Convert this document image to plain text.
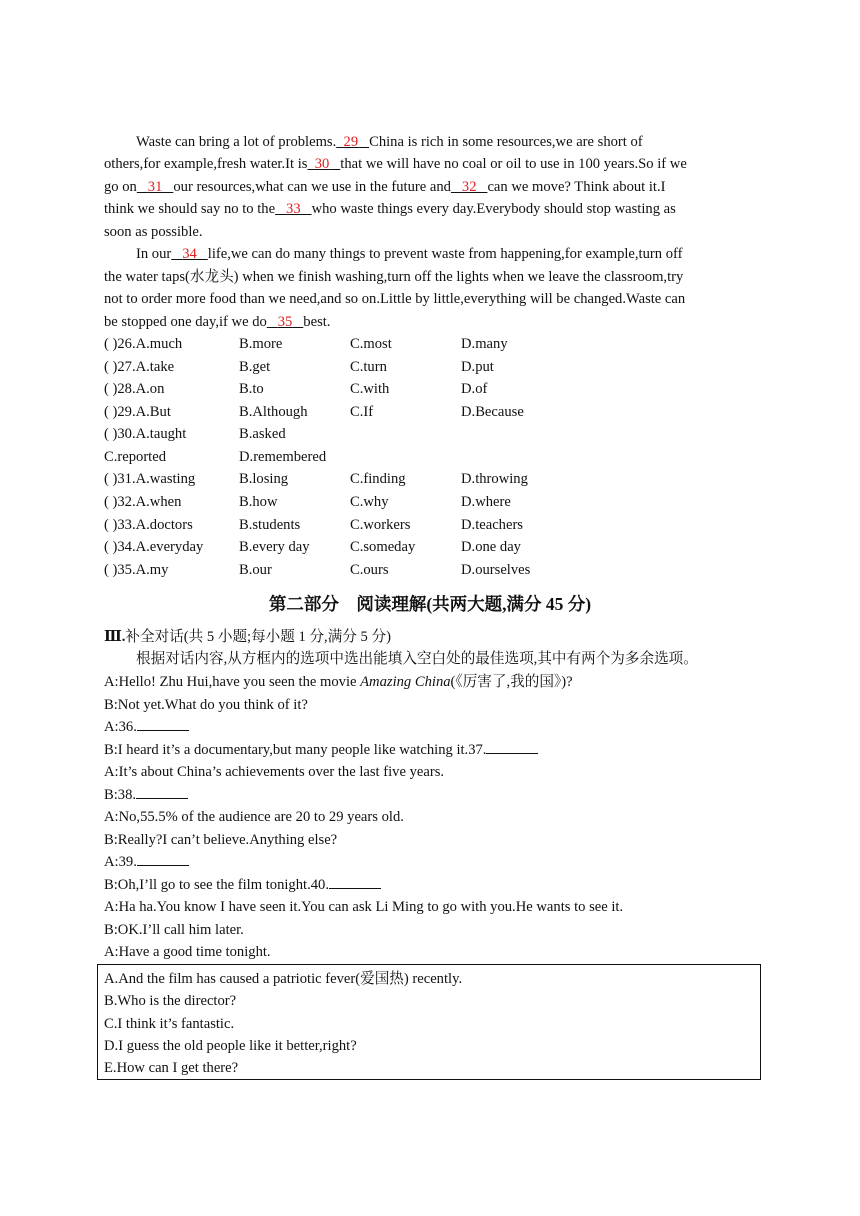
Waste can bring a lot of problems. 29 China is rich in some resources,we are short of
others,for example,fresh water.It is 30 that we will have no coal or oil to use in 100 years.So if we
go on 31 our resources,what can we use in the future and 32 can we move? Think about it.I
think we should say no to the 33 who waste things every day.Everybody should stop wasting as
soon as possible.
In our 34 life,we can do many things to prevent waste from happening,for example,turn off
the water taps(水龙头) when we finish washing,turn off the lights when we leave the classroom,try
not to order more food than we need,and so on.Little by little,everything will be changed.Waste can
be stopped one day,if we do 35 best.
( )26.A.much	B.more	C.most	D.many
( )27.A.take	B.get	C.turn	D.put
( )28.A.on	B.to	C.with	D.of
( )29.A.But	B.Although	C.If	D.Because
( )30.A.taught	B.asked
C.reported	D.remembered
( )31.A.wasting	B.losing	C.finding	D.throwing
( )32.A.when	B.how	C.why	D.where
( )33.A.doctors	B.students	C.workers	D.teachers
( )34.A.everyday B.every day	C.someday	D.one day
( )35.A.my	B.our	C.ours	D.ourselves
第二部分　阅读理解(共两大题,满分 45 分)
Ⅲ.补全对话(共 5 小题;每小题 1 分,满分 5 分)
根据对话内容,从方框内的选项中选出能填入空白处的最佳选项,其中有两个为多余选项。
A:Hello! Zhu Hui,have you seen the movie Amazing China(《厉害了,我的国》)?
B:Not yet.What do you think of it?
A:36.
B:I heard it’s a documentary,but many people like watching it.37.
A:It’s about China’s achievements over the last five years.
B:38.
A:No,55.5% of the audience are 20 to 29 years old.
B:Really?I can’t believe.Anything else?
A:39.
B:Oh,I’ll go to see the film tonight.40.
A:Ha ha.You know I have seen it.You can ask Li Ming to go with you.He wants to see it.
B:OK.I’ll call him later.
A:Have a good time tonight.
A.And the film has caused a patriotic fever(爱国热) recently.
B.Who is the director?
C.I think it’s fantastic.
D.I guess the old people like it better,right?
E.How can I get there?
